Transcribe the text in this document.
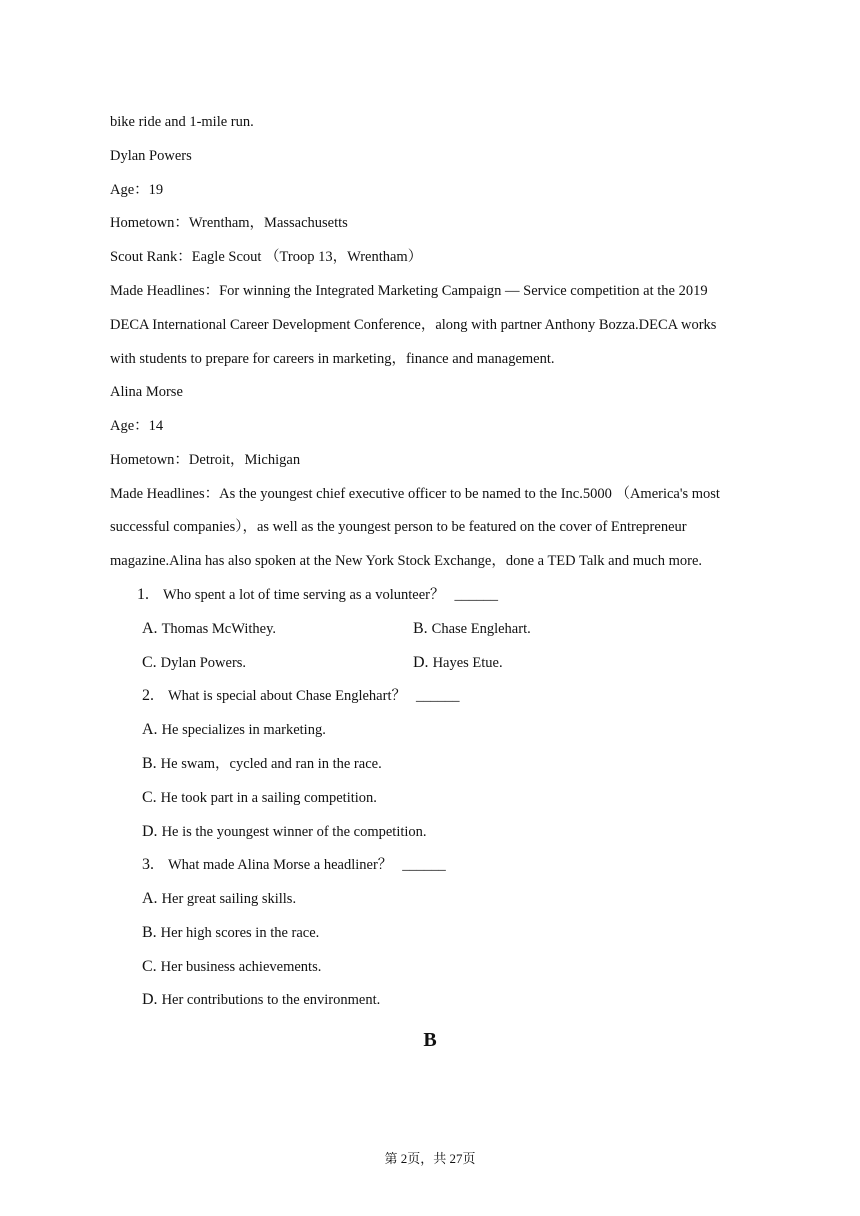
bike ride and 1-mile run.
Dylan Powers
Age：19
Hometown：Wrentham，Massachusetts
Scout Rank：Eagle Scout （Troop 13，Wrentham）
Made Headlines：For winning the Integrated Marketing Campaign — Service competition at the 2019
DECA International Career Development Conference，along with partner Anthony Bozza.DECA works
with students to prepare for careers in marketing，finance and management.
Alina Morse
Age：14
Hometown：Detroit，Michigan
Made Headlines：As the youngest chief executive officer to be named to the Inc.5000 （America's most
successful companies），as well as the youngest person to be featured on the cover of Entrepreneur
magazine.Alina has also spoken at the New York Stock Exchange，done a TED Talk and much more.
1. Who spent a lot of time serving as a volunteer？ ______
A. Thomas McWithey.	B. Chase Englehart.
C. Dylan Powers.	D. Hayes Etue.
2. What is special about Chase Englehart？ ______
A. He specializes in marketing.
B. He swam，cycled and ran in the race.
C. He took part in a sailing competition.
D. He is the youngest winner of the competition.
3. What made Alina Morse a headliner？ ______
A. Her great sailing skills.
B. Her high scores in the race.
C. Her business achievements.
D. Her contributions to the environment.
B
第 2页，共 27页
